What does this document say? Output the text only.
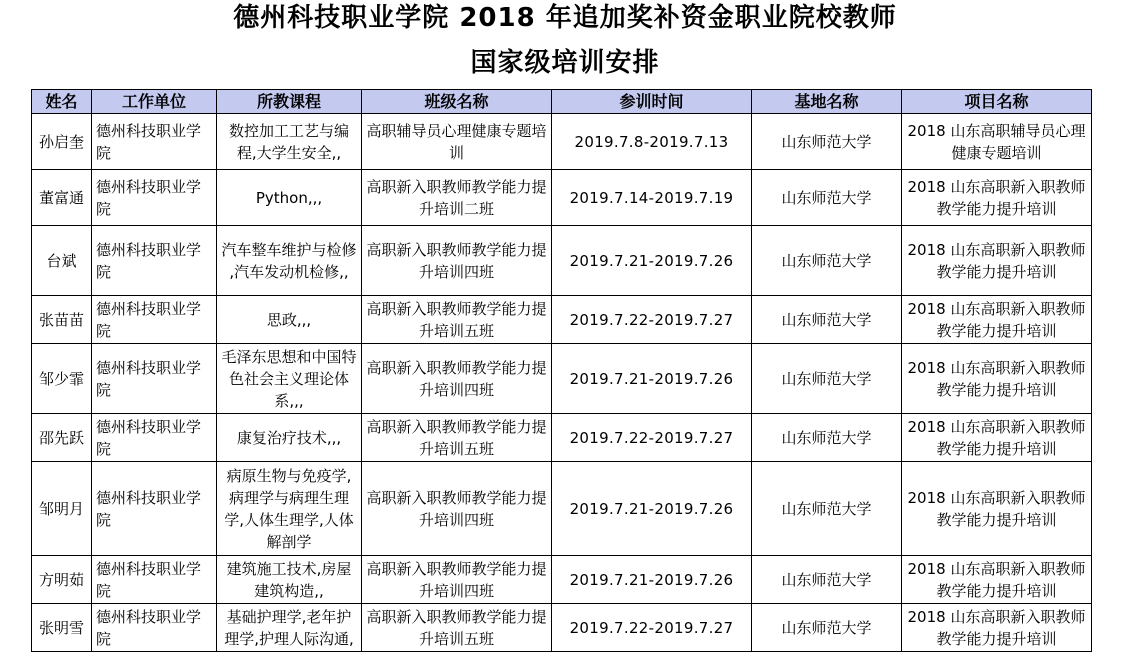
德州科技职业学院 2018 年追加奖补资金职业院校教师
国家级培训安排
姓名	工作单位	所教课程	班级名称	参训时间	基地名称	项目名称
孙启奎	德州科技职业学院	数控加工工艺与编程,大学生安全,,	高职辅导员心理健康专题培训	2019.7.8-2019.7.13	山东师范大学	2018 山东高职辅导员心理健康专题培训
董富通	德州科技职业学院	Python,,,	高职新入职教师教学能力提升培训二班	2019.7.14-2019.7.19	山东师范大学	2018 山东高职新入职教师教学能力提升培训
台斌	德州科技职业学院	汽车整车维护与检修 ,汽车发动机检修,,	高职新入职教师教学能力提升培训四班	2019.7.21-2019.7.26	山东师范大学	2018 山东高职新入职教师教学能力提升培训
张苗苗	德州科技职业学院	思政,,,	高职新入职教师教学能力提升培训五班	2019.7.22-2019.7.27	山东师范大学	2018 山东高职新入职教师教学能力提升培训
邹少霏	德州科技职业学院	毛泽东思想和中国特色社会主义理论体系,,,	高职新入职教师教学能力提升培训四班	2019.7.21-2019.7.26	山东师范大学	2018 山东高职新入职教师教学能力提升培训
邵先跃	德州科技职业学院	康复治疗技术,,,	高职新入职教师教学能力提升培训五班	2019.7.22-2019.7.27	山东师范大学	2018 山东高职新入职教师教学能力提升培训
邹明月	德州科技职业学院	病原生物与免疫学,病理学与病理生理学,人体生理学,人体解剖学	高职新入职教师教学能力提升培训四班	2019.7.21-2019.7.26	山东师范大学	2018 山东高职新入职教师教学能力提升培训
方明茹	德州科技职业学院	建筑施工技术,房屋建筑构造,,	高职新入职教师教学能力提升培训四班	2019.7.21-2019.7.26	山东师范大学	2018 山东高职新入职教师教学能力提升培训
张明雪	德州科技职业学院	基础护理学,老年护理学,护理人际沟通,	高职新入职教师教学能力提升培训五班	2019.7.22-2019.7.27	山东师范大学	2018 山东高职新入职教师教学能力提升培训
